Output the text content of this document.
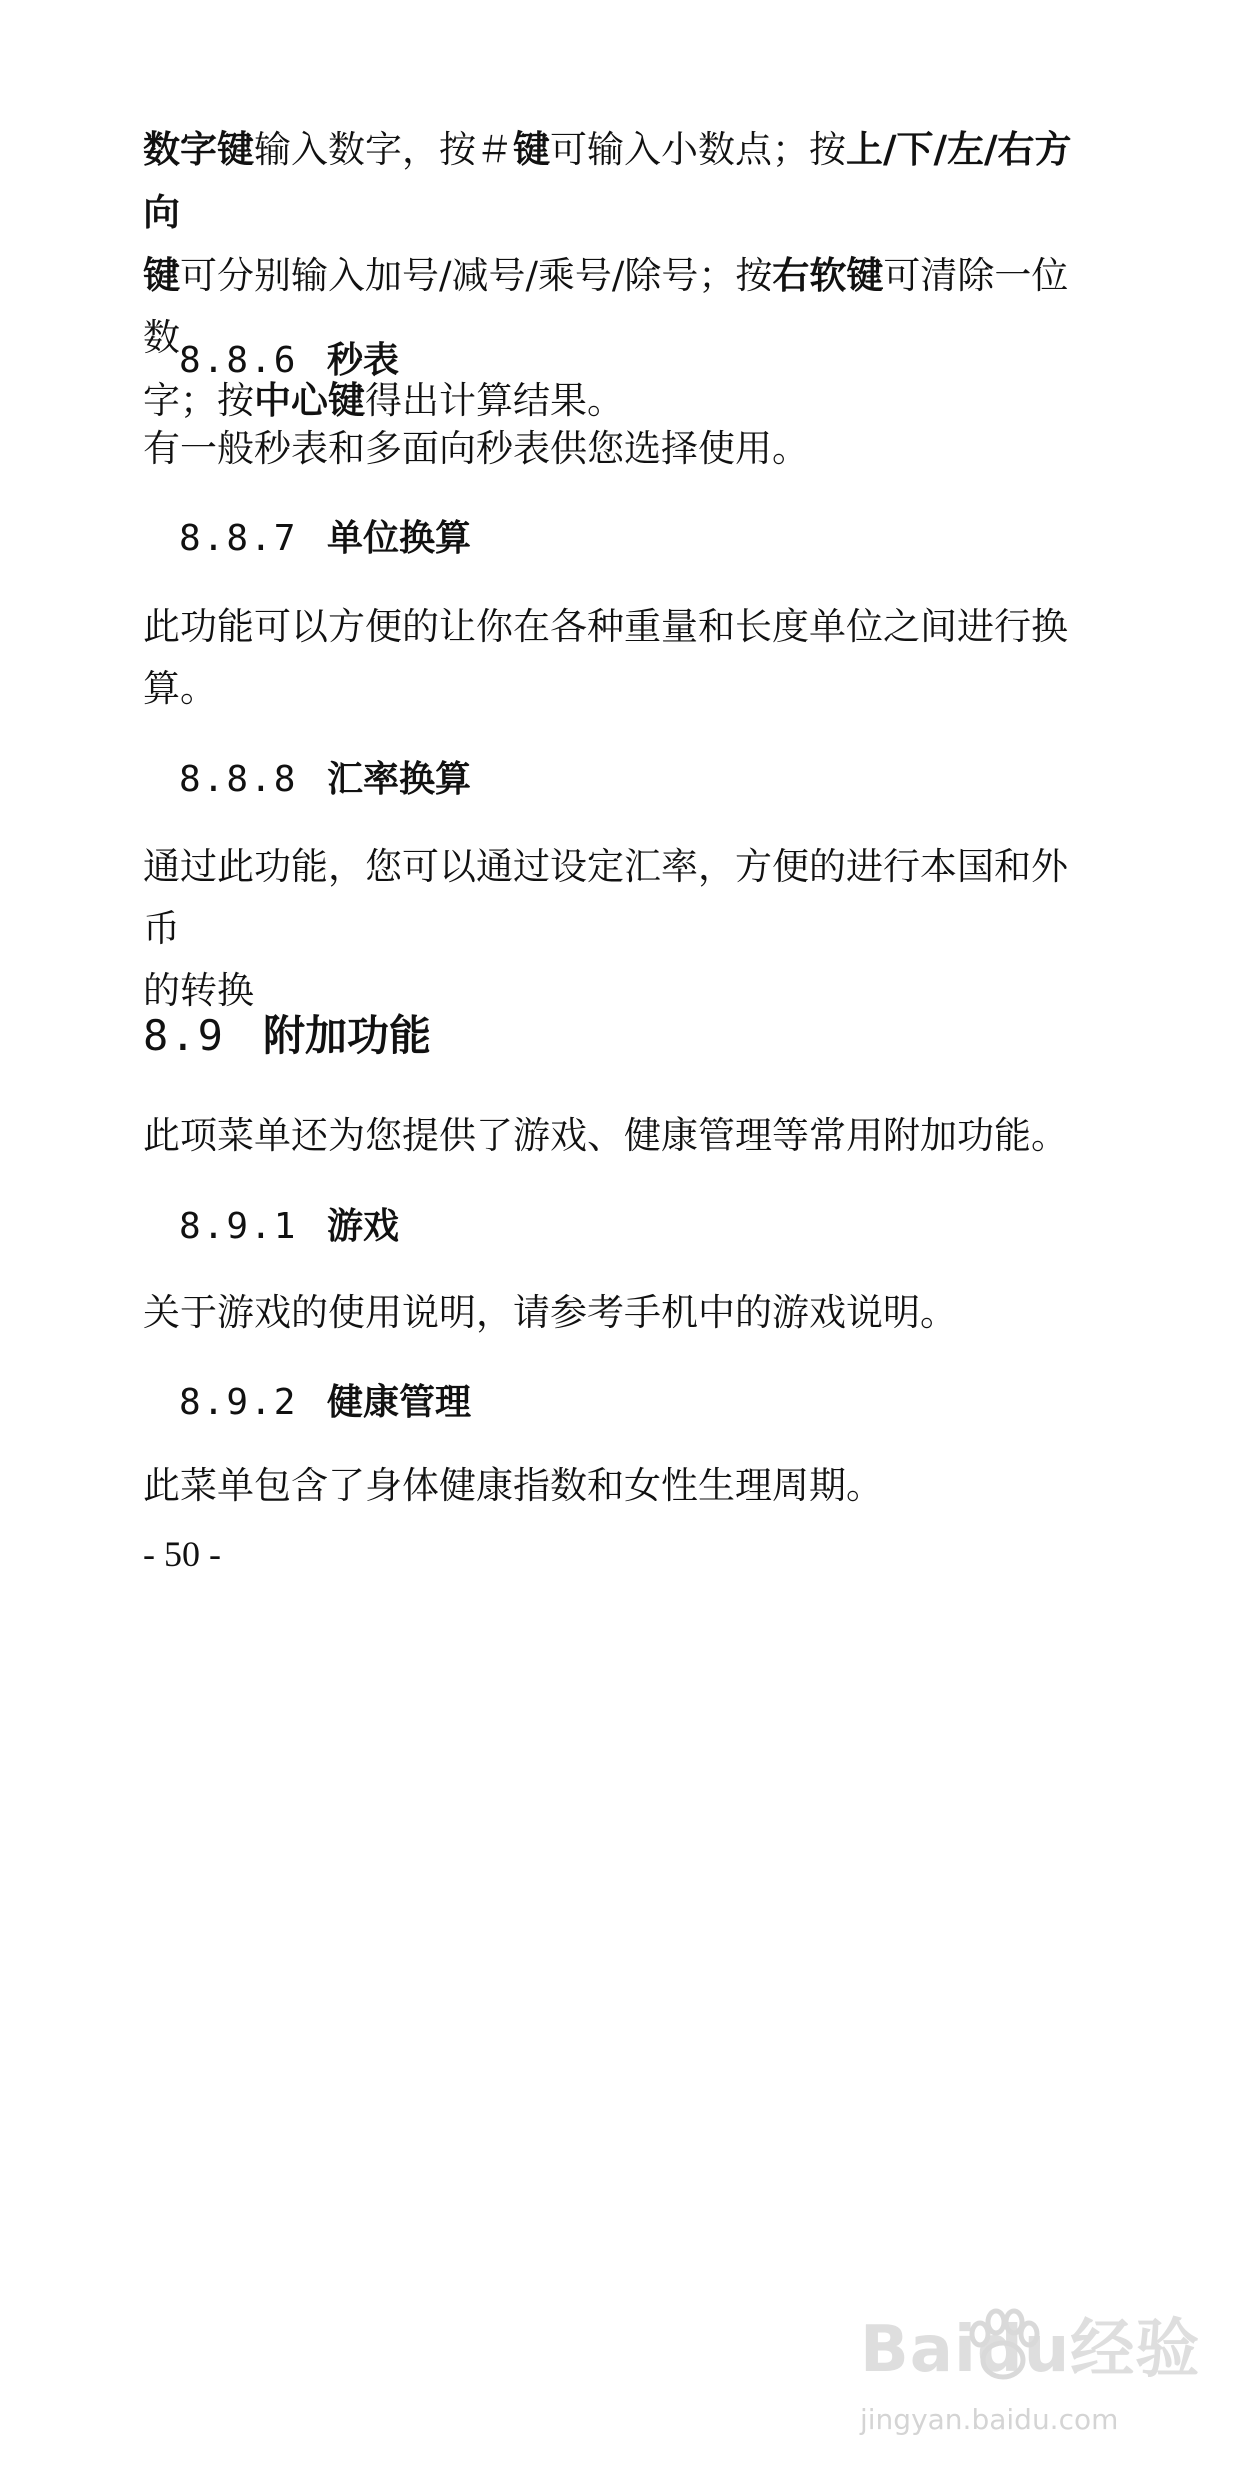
数字键输入数字，按＃键可输入小数点；按上/下/左/右方向

键可分别输入加号/减号/乘号/除号；按右软键可清除一位数

字；按中心键得出计算结果。

8.8.6 秒表

有一般秒表和多面向秒表供您选择使用。

8.8.7 单位换算

此功能可以方便的让你在各种重量和长度单位之间进行换

算。

8.8.8 汇率换算

通过此功能，您可以通过设定汇率，方便的进行本国和外币

的转换

8.9 附加功能

此项菜单还为您提供了游戏、健康管理等常用附加功能。

8.9.1 游戏

关于游戏的使用说明，请参考手机中的游戏说明。

8.9.2 健康管理

此菜单包含了身体健康指数和女性生理周期。

- 50 -
Baidu经验
jingyan.baidu.com
